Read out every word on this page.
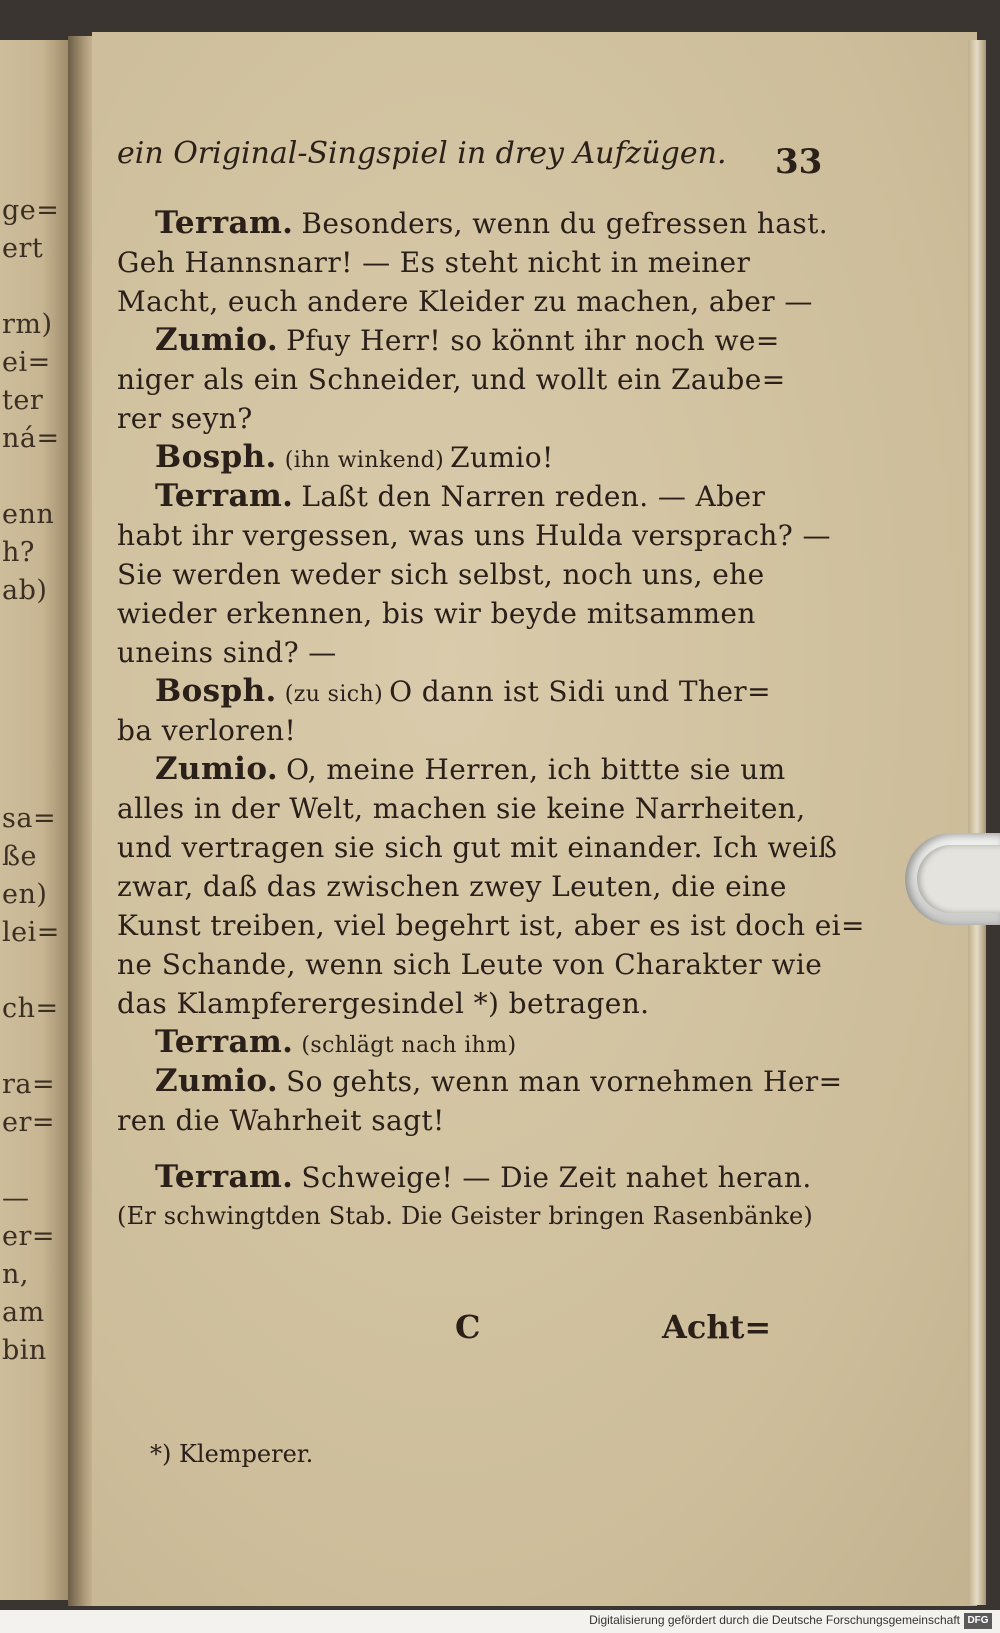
ge=
ert
rm)
ei=
ter
ná=
enn
h?
ab)
sa=
ße
en)
lei=
ch=
ra=
er=
—
er=
n,
am
bin
ein Original-Singspiel in drey Aufzügen.	33
Terram. Besonders, wenn du gefressen hast.
Geh Hannsnarr! — Es steht nicht in meiner
Macht, euch andere Kleider zu machen, aber —
Zumio. Pfuy Herr! so könnt ihr noch we=
niger als ein Schneider, und wollt ein Zaube=
rer seyn?
Bosph. (ihn winkend) Zumio!
Terram. Laßt den Narren reden. — Aber
habt ihr vergessen, was uns Hulda versprach? —
Sie werden weder sich selbst, noch uns, ehe
wieder erkennen, bis wir beyde mitsammen
uneins sind? —
Bosph. (zu sich) O dann ist Sidi und Ther=
ba verloren!
Zumio. O, meine Herren, ich bittte sie um
alles in der Welt, machen sie keine Narrheiten,
und vertragen sie sich gut mit einander. Ich weiß
zwar, daß das zwischen zwey Leuten, die eine
Kunst treiben, viel begehrt ist, aber es ist doch ei=
ne Schande, wenn sich Leute von Charakter wie
das Klampferergesindel *) betragen.
Terram. (schlägt nach ihm)
Zumio. So gehts, wenn man vornehmen Her=
ren die Wahrheit sagt!
Terram. Schweige! — Die Zeit nahet heran.
(Er schwingtden Stab. Die Geister bringen Rasenbänke)
C	Acht=
*) Klemperer.
Digitalisierung gefördert durch die Deutsche Forschungsgemeinschaft DFG
